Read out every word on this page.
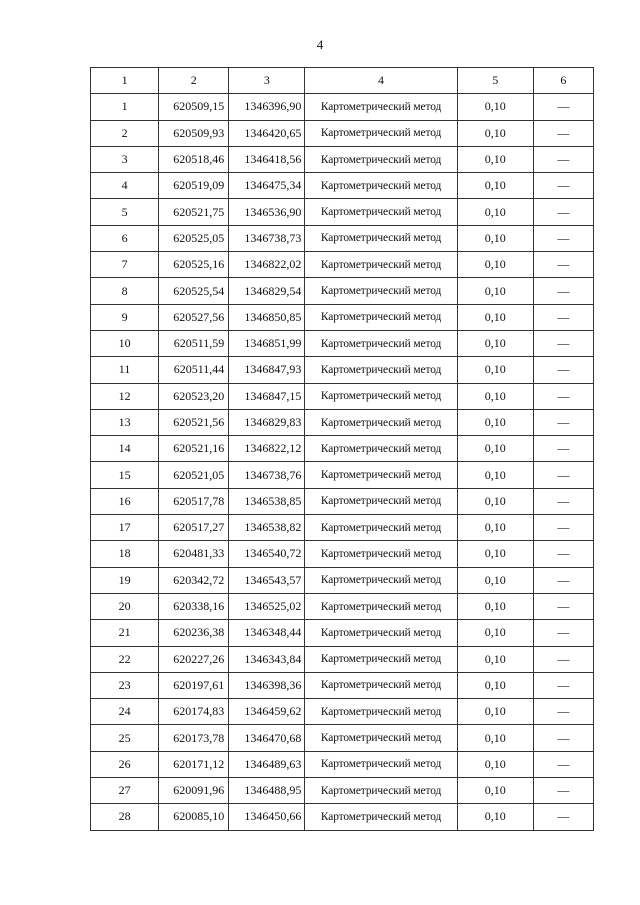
4
1	2	3	4	5	6
1	620509,15	1346396,90	Картометрический метод	0,10	—
2	620509,93	1346420,65	Картометрический метод	0,10	—
3	620518,46	1346418,56	Картометрический метод	0,10	—
4	620519,09	1346475,34	Картометрический метод	0,10	—
5	620521,75	1346536,90	Картометрический метод	0,10	—
6	620525,05	1346738,73	Картометрический метод	0,10	—
7	620525,16	1346822,02	Картометрический метод	0,10	—
8	620525,54	1346829,54	Картометрический метод	0,10	—
9	620527,56	1346850,85	Картометрический метод	0,10	—
10	620511,59	1346851,99	Картометрический метод	0,10	—
11	620511,44	1346847,93	Картометрический метод	0,10	—
12	620523,20	1346847,15	Картометрический метод	0,10	—
13	620521,56	1346829,83	Картометрический метод	0,10	—
14	620521,16	1346822,12	Картометрический метод	0,10	—
15	620521,05	1346738,76	Картометрический метод	0,10	—
16	620517,78	1346538,85	Картометрический метод	0,10	—
17	620517,27	1346538,82	Картометрический метод	0,10	—
18	620481,33	1346540,72	Картометрический метод	0,10	—
19	620342,72	1346543,57	Картометрический метод	0,10	—
20	620338,16	1346525,02	Картометрический метод	0,10	—
21	620236,38	1346348,44	Картометрический метод	0,10	—
22	620227,26	1346343,84	Картометрический метод	0,10	—
23	620197,61	1346398,36	Картометрический метод	0,10	—
24	620174,83	1346459,62	Картометрический метод	0,10	—
25	620173,78	1346470,68	Картометрический метод	0,10	—
26	620171,12	1346489,63	Картометрический метод	0,10	—
27	620091,96	1346488,95	Картометрический метод	0,10	—
28	620085,10	1346450,66	Картометрический метод	0,10	—
